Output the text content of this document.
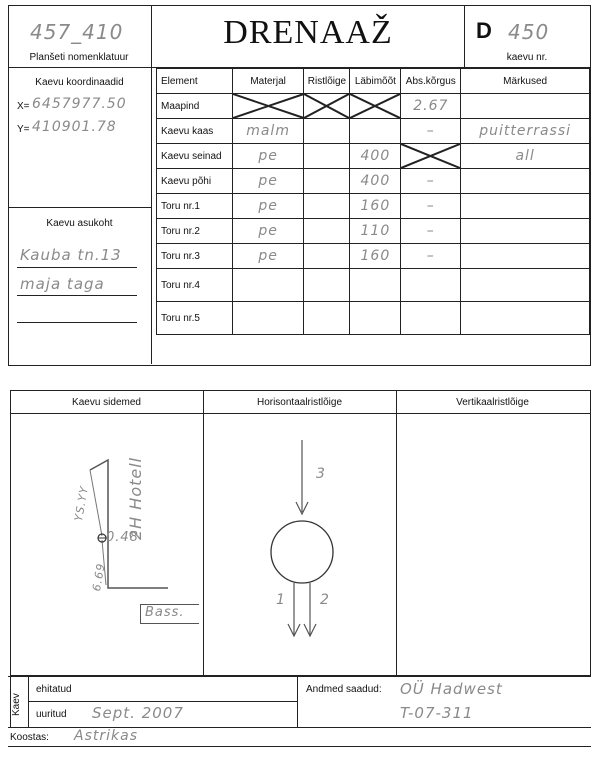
457_410
Planšeti nomenklatuur
DRENAAŽ	D 450
kaevu nr.
Kaevu koordinaadid
X= 6457977.50
Y= 410901.78
Kaevu asukoht
Kauba tn.13
maja taga
Element	Materjal	Ristlõige	Läbimõõt	Abs.kõrgus	Märkused
Maapind				2.67	
Kaevu kaas	malm			–	puitterrassi
Kaevu seinad	pe		400		all
Kaevu põhi	pe		400	–	
Toru nr.1	pe		160	–	
Toru nr.2	pe		110	–	
Toru nr.3	pe		160	–	
Toru nr.4					
Toru nr.5					
Kaevu sidemed	Horisontaalristlõige	Vertikaalristlõige
2H Hotell
YS.YY
0.48
6.69
Bass.
3
1 2
Kaev
ehitatud
uuritud Sept. 2007
Andmed saadud: OÜ Hadwest
T-07-311
Koostas: Astrikas
